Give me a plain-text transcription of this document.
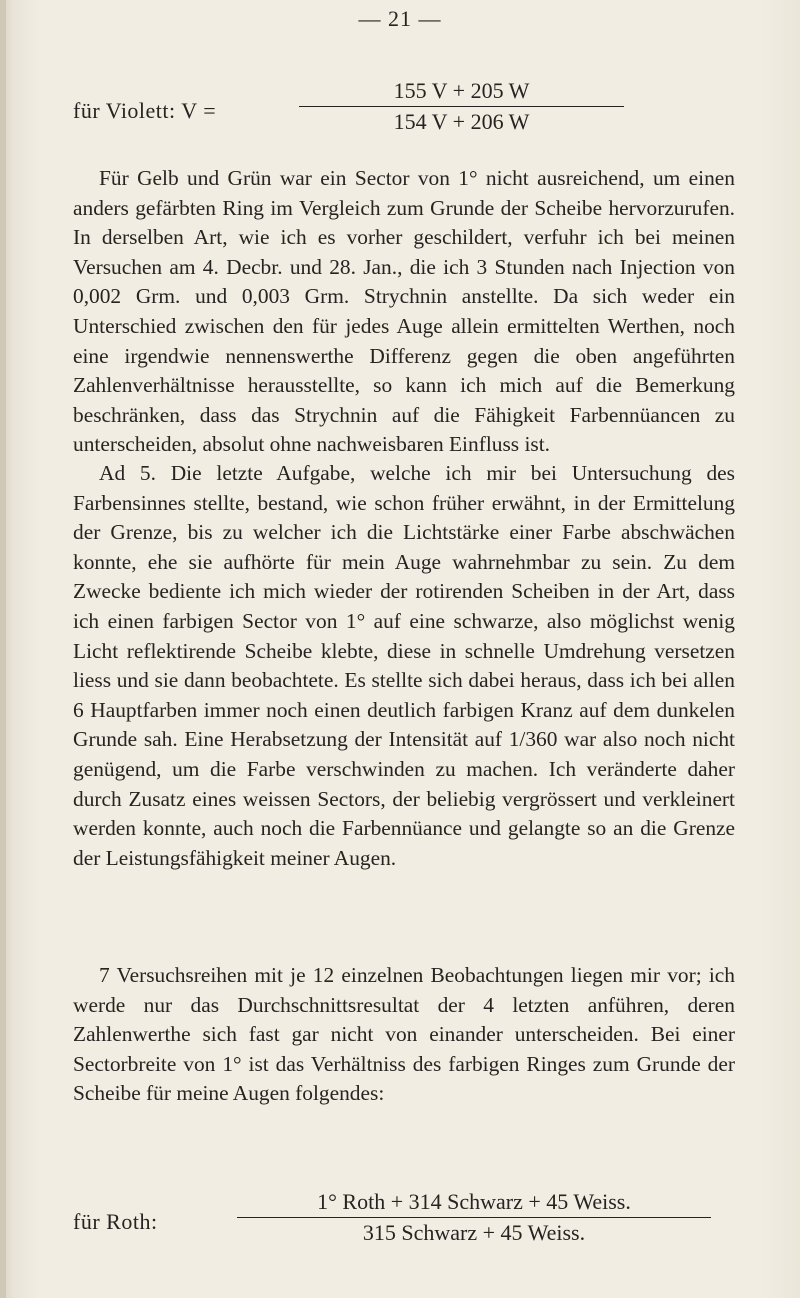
— 21 —
für Violett: V =	$\frac{155 V + 205 W}{154 V + 206 W}$

Für Gelb und Grün war ein Sector von 1° nicht ausreichend, um einen anders gefärbten Ring im Vergleich zum Grunde der Scheibe hervorzurufen. In derselben Art, wie ich es vorher geschildert, verfuhr ich bei meinen Versuchen am 4. Decbr. und 28. Jan., die ich 3 Stunden nach Injection von 0,002 Grm. und 0,003 Grm. Strychnin anstellte. Da sich weder ein Unterschied zwischen den für jedes Auge allein ermittelten Werthen, noch eine irgendwie nennenswerthe Differenz gegen die oben angeführten Zahlenverhältnisse herausstellte, so kann ich mich auf die Bemerkung beschränken, dass das Strychnin auf die Fähigkeit Farbennüancen zu unterscheiden, absolut ohne nachweisbaren Einfluss ist.

Ad 5. Die letzte Aufgabe, welche ich mir bei Untersuchung des Farbensinnes stellte, bestand, wie schon früher erwähnt, in der Ermittelung der Grenze, bis zu welcher ich die Lichtstärke einer Farbe abschwächen konnte, ehe sie aufhörte für mein Auge wahrnehmbar zu sein. Zu dem Zwecke bediente ich mich wieder der rotirenden Scheiben in der Art, dass ich einen farbigen Sector von 1° auf eine schwarze, also möglichst wenig Licht reflektirende Scheibe klebte, diese in schnelle Umdrehung versetzen liess und sie dann beobachtete. Es stellte sich dabei heraus, dass ich bei allen 6 Hauptfarben immer noch einen deutlich farbigen Kranz auf dem dunkelen Grunde sah. Eine Herabsetzung der Intensität auf 1/360 war also noch nicht genügend, um die Farbe verschwinden zu machen. Ich veränderte daher durch Zusatz eines weissen Sectors, der beliebig vergrössert und verkleinert werden konnte, auch noch die Farbennüance und gelangte so an die Grenze der Leistungsfähigkeit meiner Augen.

7 Versuchsreihen mit je 12 einzelnen Beobachtungen liegen mir vor; ich werde nur das Durchschnittsresultat der 4 letzten anführen, deren Zahlenwerthe sich fast gar nicht von einander unterscheiden. Bei einer Sectorbreite von 1° ist das Verhältniss des farbigen Ringes zum Grunde der Scheibe für meine Augen folgendes:

für Roth:
1° Roth + 314 Schwarz + 45 Weiss.
315 Schwarz + 45 Weiss.
